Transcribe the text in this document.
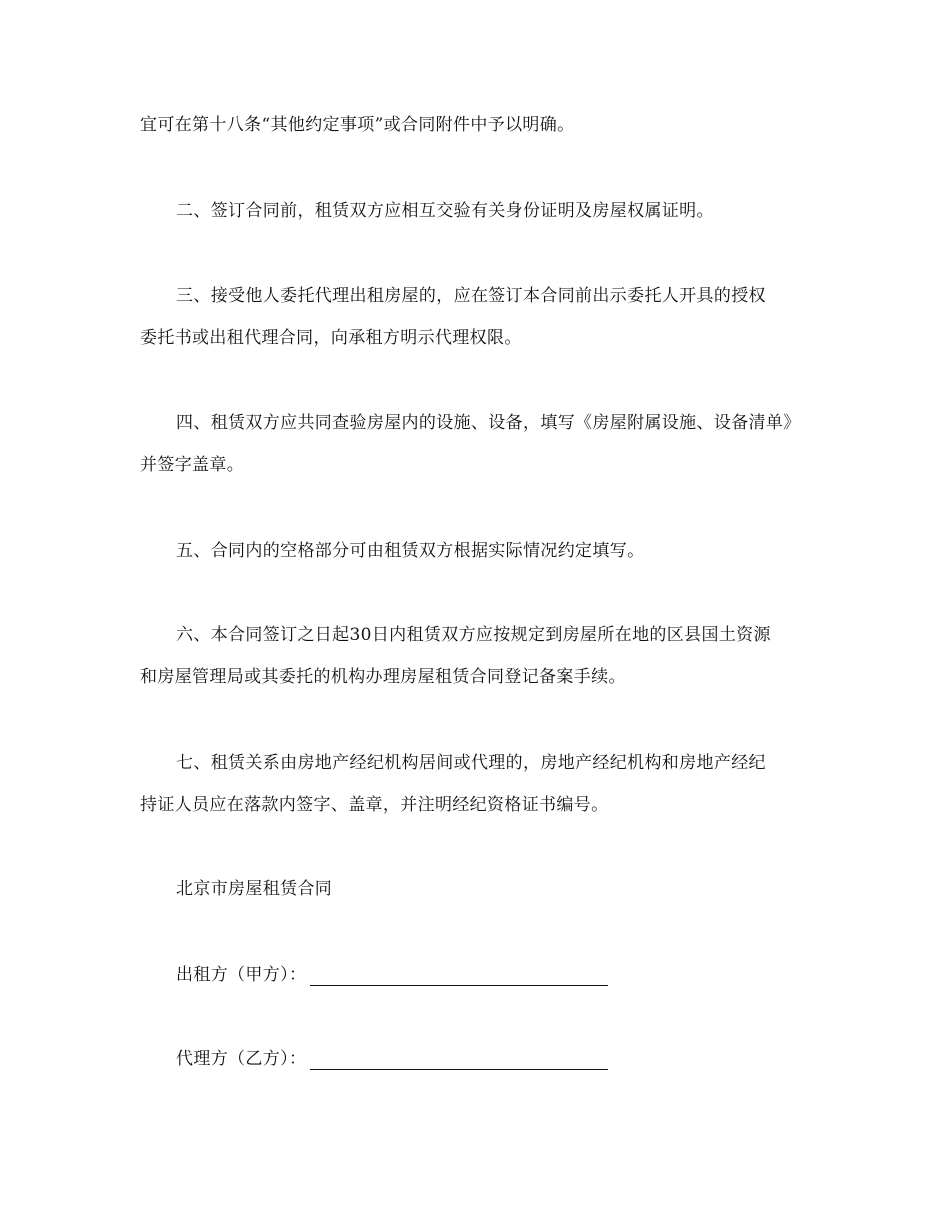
宜可在第十八条“其他约定事项”或合同附件中予以明确。
二、签订合同前，租赁双方应相互交验有关身份证明及房屋权属证明。
三、接受他人委托代理出租房屋的，应在签订本合同前出示委托人开具的授权
委托书或出租代理合同，向承租方明示代理权限。
四、租赁双方应共同查验房屋内的设施、设备，填写《房屋附属设施、设备清单》
并签字盖章。
五、合同内的空格部分可由租赁双方根据实际情况约定填写。
六、本合同签订之日起30日内租赁双方应按规定到房屋所在地的区县国土资源
和房屋管理局或其委托的机构办理房屋租赁合同登记备案手续。
七、租赁关系由房地产经纪机构居间或代理的，房地产经纪机构和房地产经纪
持证人员应在落款内签字、盖章，并注明经纪资格证书编号。
北京市房屋租赁合同
出租方（甲方）：
代理方（乙方）：
